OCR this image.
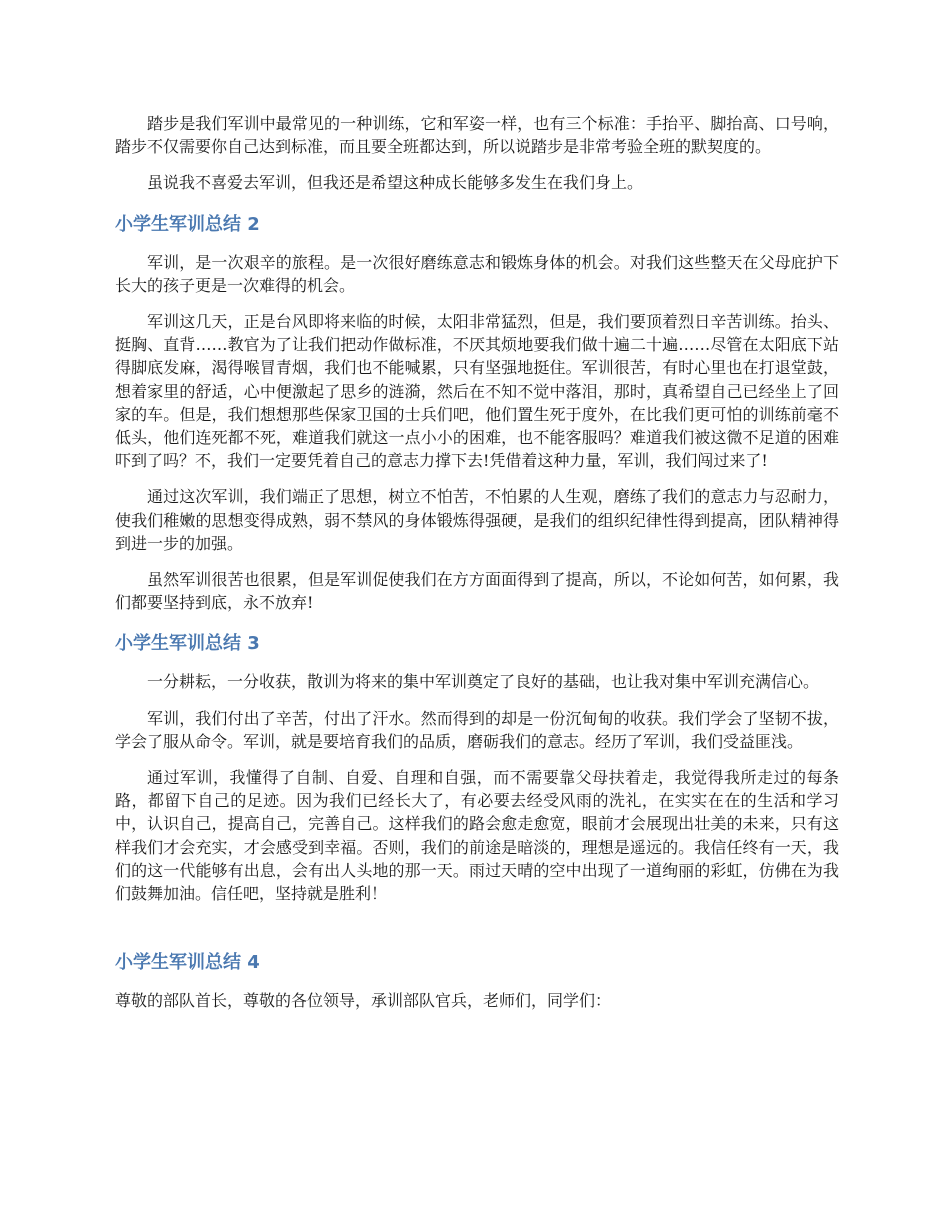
踏步是我们军训中最常见的一种训练，它和军姿一样，也有三个标准：手抬平、脚抬高、口号响，踏步不仅需要你自己达到标准，而且要全班都达到，所以说踏步是非常考验全班的默契度的。

虽说我不喜爱去军训，但我还是希望这种成长能够多发生在我们身上。

小学生军训总结 2

军训，是一次艰辛的旅程。是一次很好磨练意志和锻炼身体的机会。对我们这些整天在父母庇护下长大的孩子更是一次难得的机会。

军训这几天，正是台风即将来临的时候，太阳非常猛烈，但是，我们要顶着烈日辛苦训练。抬头、挺胸、直背……教官为了让我们把动作做标准，不厌其烦地要我们做十遍二十遍……尽管在太阳底下站得脚底发麻，渴得喉冒青烟，我们也不能喊累，只有坚强地挺住。军训很苦，有时心里也在打退堂鼓，想着家里的舒适，心中便激起了思乡的涟漪，然后在不知不觉中落泪，那时，真希望自己已经坐上了回家的车。但是，我们想想那些保家卫国的士兵们吧，他们置生死于度外，在比我们更可怕的训练前毫不低头，他们连死都不死，难道我们就这一点小小的困难，也不能客服吗？难道我们被这微不足道的困难吓到了吗？不，我们一定要凭着自己的意志力撑下去!凭借着这种力量，军训，我们闯过来了!

通过这次军训，我们端正了思想，树立不怕苦，不怕累的人生观，磨练了我们的意志力与忍耐力，使我们稚嫩的思想变得成熟，弱不禁风的身体锻炼得强硬，是我们的组织纪律性得到提高，团队精神得到进一步的加强。

虽然军训很苦也很累，但是军训促使我们在方方面面得到了提高，所以，不论如何苦，如何累，我们都要坚持到底，永不放弃!

小学生军训总结 3

一分耕耘，一分收获，散训为将来的集中军训奠定了良好的基础，也让我对集中军训充满信心。

军训，我们付出了辛苦，付出了汗水。然而得到的却是一份沉甸甸的收获。我们学会了坚韧不拔，学会了服从命令。军训，就是要培育我们的品质，磨砺我们的意志。经历了军训，我们受益匪浅。

通过军训，我懂得了自制、自爱、自理和自强，而不需要靠父母扶着走，我觉得我所走过的每条路，都留下自己的足迹。因为我们已经长大了，有必要去经受风雨的洗礼，在实实在在的生活和学习中，认识自己，提高自己，完善自己。这样我们的路会愈走愈宽，眼前才会展现出壮美的未来，只有这样我们才会充实，才会感受到幸福。否则，我们的前途是暗淡的，理想是遥远的。我信任终有一天，我们的这一代能够有出息，会有出人头地的那一天。雨过天晴的空中出现了一道绚丽的彩虹，仿佛在为我们鼓舞加油。信任吧，坚持就是胜利！

小学生军训总结 4

尊敬的部队首长，尊敬的各位领导，承训部队官兵，老师们，同学们：
